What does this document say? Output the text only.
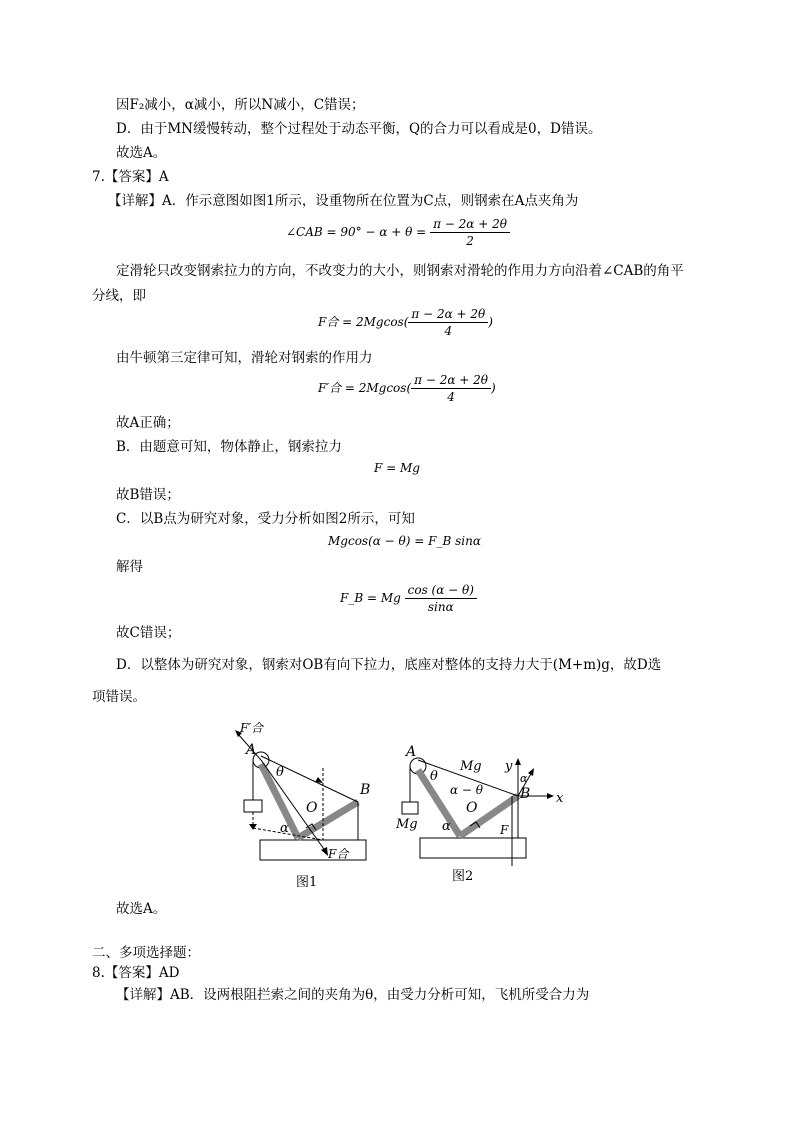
因F₂减小，α减小，所以N减小，C错误；
D．由于MN缓慢转动，整个过程处于动态平衡，Q的合力可以看成是0，D错误。
故选A。
7.【答案】A
【详解】A．作示意图如图1所示，设重物所在位置为C点，则钢索在A点夹角为
∠CAB = $90^\circ - \alpha + \theta = \frac{\pi - 2\alpha + 2\theta}{2}$
定滑轮只改变钢索拉力的方向，不改变力的大小，则钢索对滑轮的作用力方向沿着∠CAB的角平
分线，即
F合 = $2Mgcos( \frac{\pi - 2\alpha + 2\theta}{4}$ )
由牛顿第三定律可知，滑轮对钢索的作用力
F′合 = $2Mgcos( \frac{\pi - 2\alpha + 2\theta}{4}$ )
故A正确；
B．由题意可知，物体静止，钢索拉力
F = Mg
故B错误；
C．以B点为研究对象，受力分析如图2所示，可知
Mgcos(α − θ) = F_B sinα
解得
F_B = Mg $\frac{\cos (\alpha - \theta)}{\sin\alpha}$
故C错误；
D．以整体为研究对象，钢索对OB有向下拉力，底座对整体的支持力大于(M+m)g，故D选
项错误。
F′合
A
θ
B
O
α
F合
图1
A
θ
Mg
α − θ
O
B
y
x
α
Mg α	F
图2
故选A。
二、多项选择题：
8.【答案】AD
【详解】AB．设两根阻拦索之间的夹角为θ，由受力分析可知，飞机所受合力为
